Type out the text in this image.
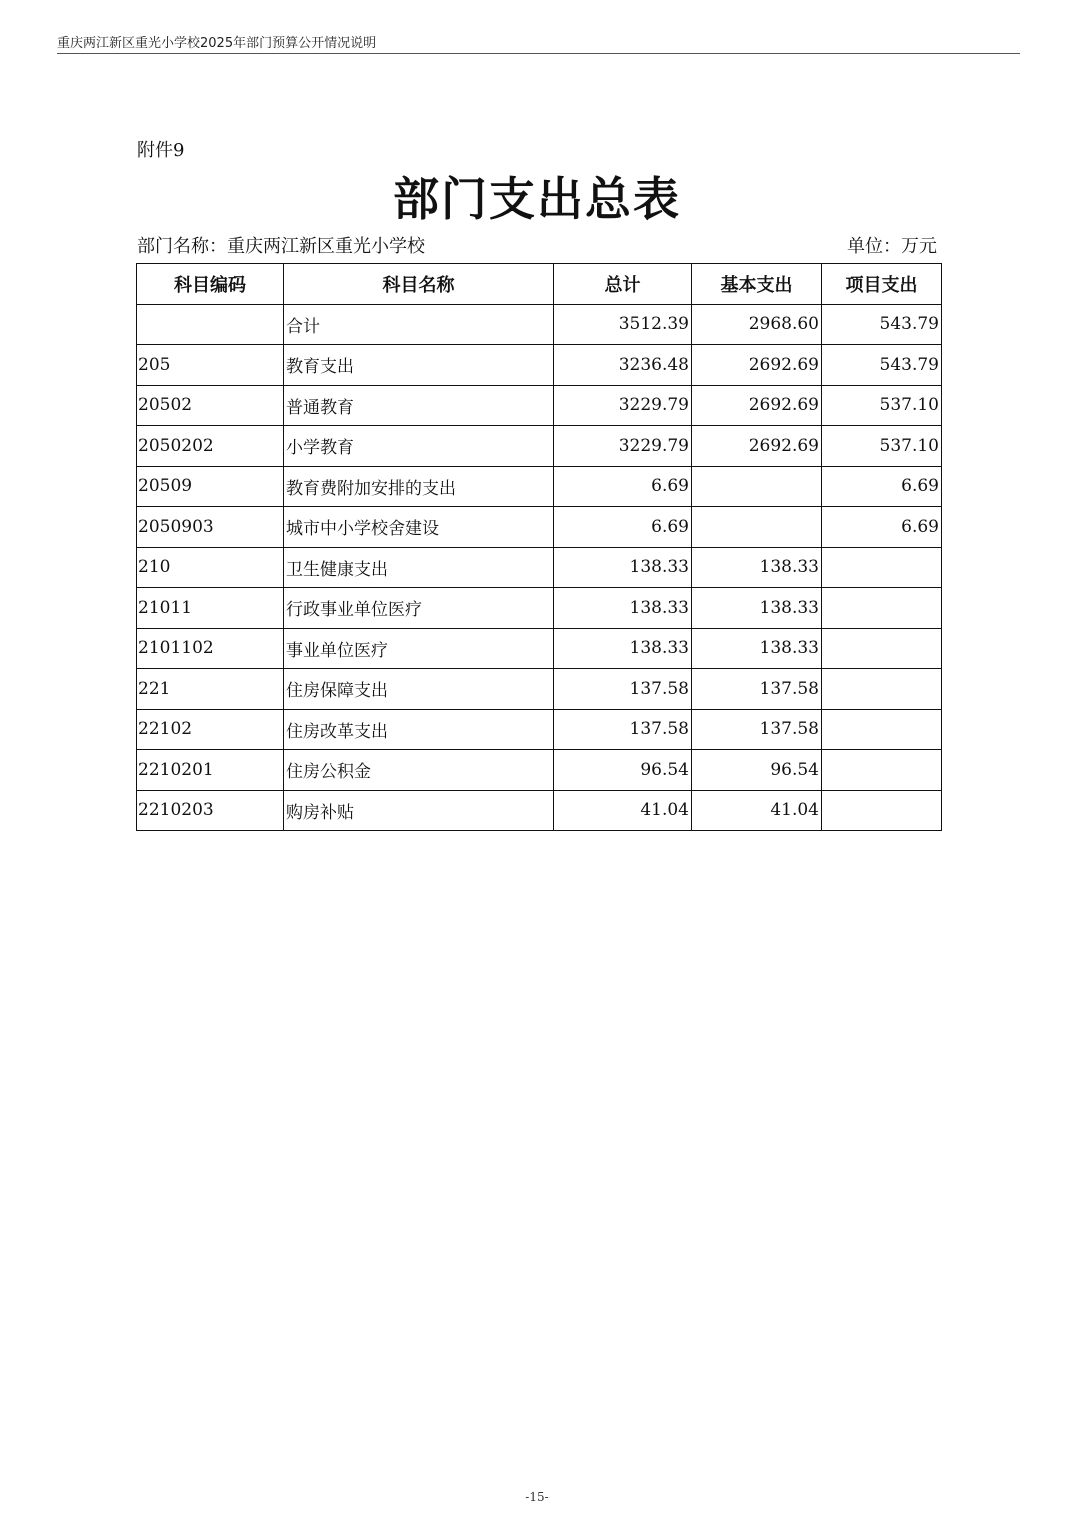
重庆两江新区重光小学校2025年部门预算公开情况说明
附件9
部门支出总表
部门名称：重庆两江新区重光小学校	单位：万元
科目编码	科目名称	总计	基本支出	项目支出
	合计	3512.39	2968.60	543.79
205	教育支出	3236.48	2692.69	543.79
20502	普通教育	3229.79	2692.69	537.10
2050202	小学教育	3229.79	2692.69	537.10
20509	教育费附加安排的支出	6.69		6.69
2050903	城市中小学校舍建设	6.69		6.69
210	卫生健康支出	138.33	138.33	
21011	行政事业单位医疗	138.33	138.33	
2101102	事业单位医疗	138.33	138.33	
221	住房保障支出	137.58	137.58	
22102	住房改革支出	137.58	137.58	
2210201	住房公积金	96.54	96.54	
2210203	购房补贴	41.04	41.04	
-15-
